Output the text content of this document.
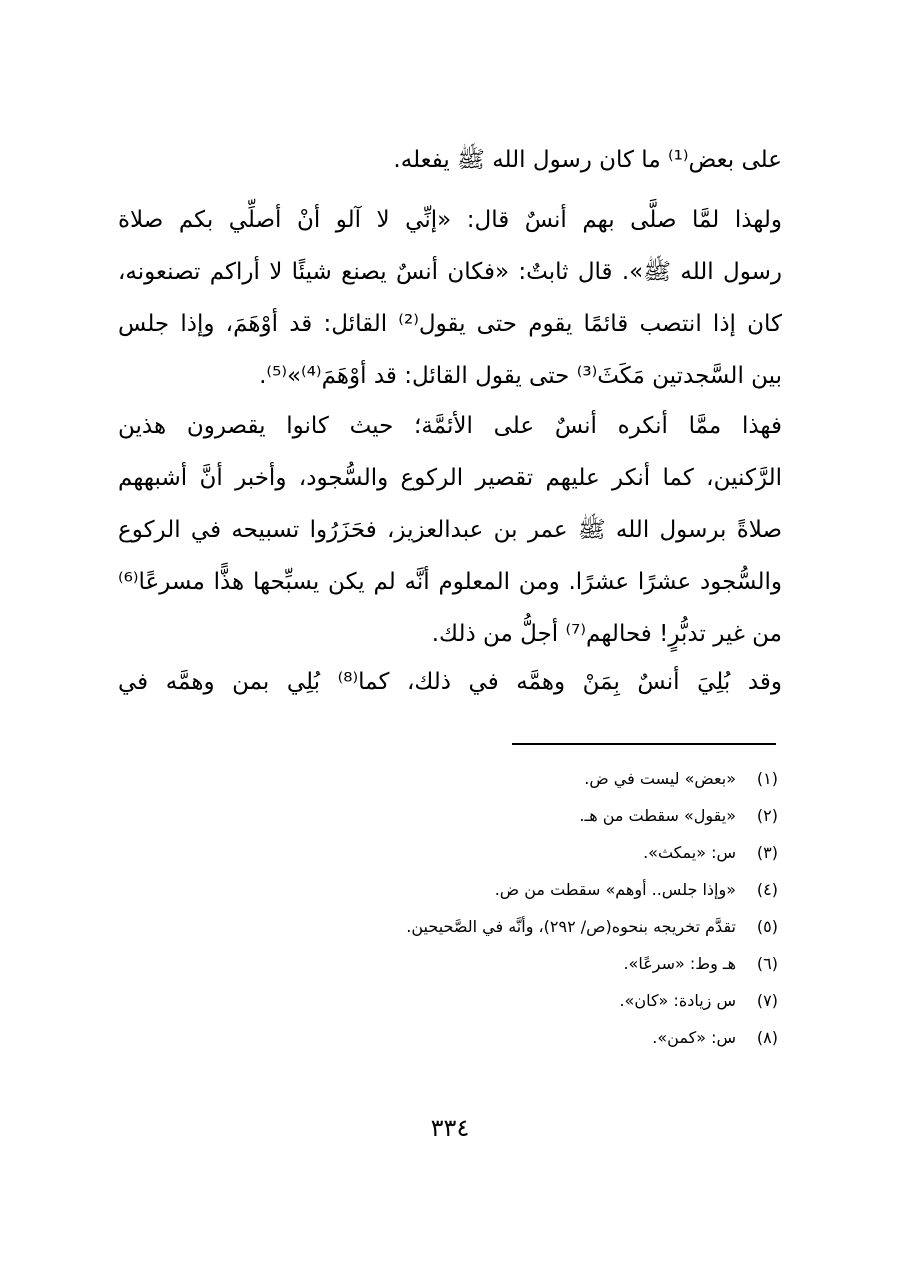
على بعض⁽¹⁾ ما كان رسول الله ﷺ يفعله.
ولهذا لمَّا صلَّى بهم أنسٌ قال: «إنِّي لا آلو أنْ أصلِّي بكم صلاة
رسول الله ﷺ». قال ثابتٌ: «فكان أنسٌ يصنع شيئًا لا أراكم تصنعونه،
كان إذا انتصب قائمًا يقوم حتى يقول⁽²⁾ القائل: قد أوْهَمَ، وإذا جلس
بين السَّجدتين مَكَثَ⁽³⁾ حتى يقول القائل: قد أوْهَمَ⁽⁴⁾»⁽⁵⁾.
فهذا ممَّا أنكره أنسٌ على الأئمَّة؛ حيث كانوا يقصرون هذين
الرَّكنين، كما أنكر عليهم تقصير الركوع والسُّجود، وأخبر أنَّ أشبههم
صلاةً برسول الله ﷺ عمر بن عبدالعزيز، فحَزَرُوا تسبيحه في الركوع
والسُّجود عشرًا عشرًا. ومن المعلوم أنَّه لم يكن يسبِّحها هذًّا مسرعًا⁽⁶⁾
من غير تدبُّرٍ! فحالهم⁽⁷⁾ أجلُّ من ذلك.
وقد بُلِيَ أنسٌ بِمَنْ وهمَّه في ذلك، كما⁽⁸⁾ بُلِي بمن وهمَّه في
(١)«بعض» ليست في ض.
(٢)«يقول» سقطت من هـ.
(٣)س: «يمكث».
(٤)«وإذا جلس.. أوهم» سقطت من ض.
(٥)تقدَّم تخريجه بنحوه(ص/ ٢٩٢)، وأنَّه في الصَّحيحين.
(٦)هـ وط: «سرعًا».
(٧)س زيادة: «كان».
(٨)س: «كمن».
٣٣٤
